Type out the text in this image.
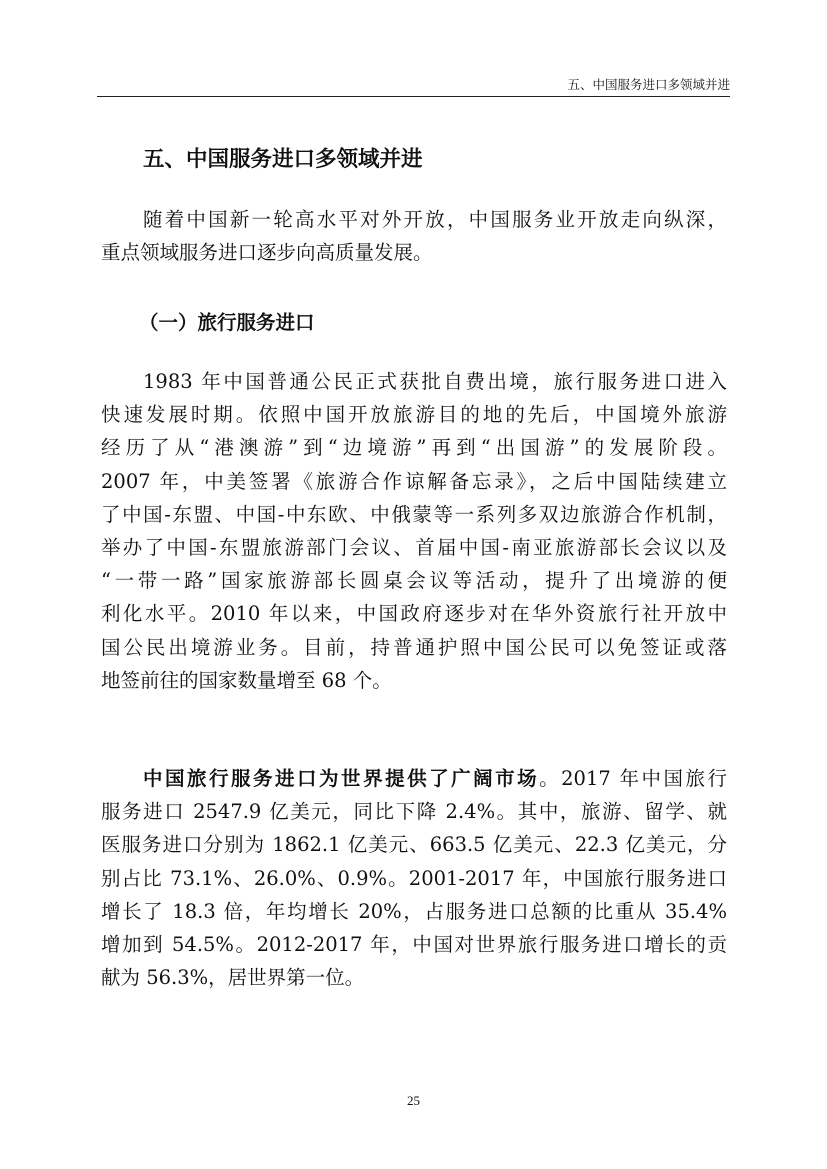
五、中国服务进口多领域并进
五、中国服务进口多领域并进
随着中国新一轮高水平对外开放，中国服务业开放走向纵深，
重点领域服务进口逐步向高质量发展。
（一）旅行服务进口
1983 年中国普通公民正式获批自费出境，旅行服务进口进入
快速发展时期。依照中国开放旅游目的地的先后，中国境外旅游
经历了从“港澳游”到“边境游”再到“出国游”的发展阶段。
2007 年，中美签署《旅游合作谅解备忘录》，之后中国陆续建立
了中国-东盟、中国-中东欧、中俄蒙等一系列多双边旅游合作机制，
举办了中国-东盟旅游部门会议、首届中国-南亚旅游部长会议以及
“一带一路”国家旅游部长圆桌会议等活动，提升了出境游的便
利化水平。2010 年以来，中国政府逐步对在华外资旅行社开放中
国公民出境游业务。目前，持普通护照中国公民可以免签证或落
地签前往的国家数量增至 68 个。
中国旅行服务进口为世界提供了广阔市场。2017 年中国旅行
服务进口 2547.9 亿美元，同比下降 2.4%。其中，旅游、留学、就
医服务进口分别为 1862.1 亿美元、663.5 亿美元、22.3 亿美元，分
别占比 73.1%、26.0%、0.9%。2001-2017 年，中国旅行服务进口
增长了 18.3 倍，年均增长 20%，占服务进口总额的比重从 35.4%
增加到 54.5%。2012-2017 年，中国对世界旅行服务进口增长的贡
献为 56.3%，居世界第一位。
25
